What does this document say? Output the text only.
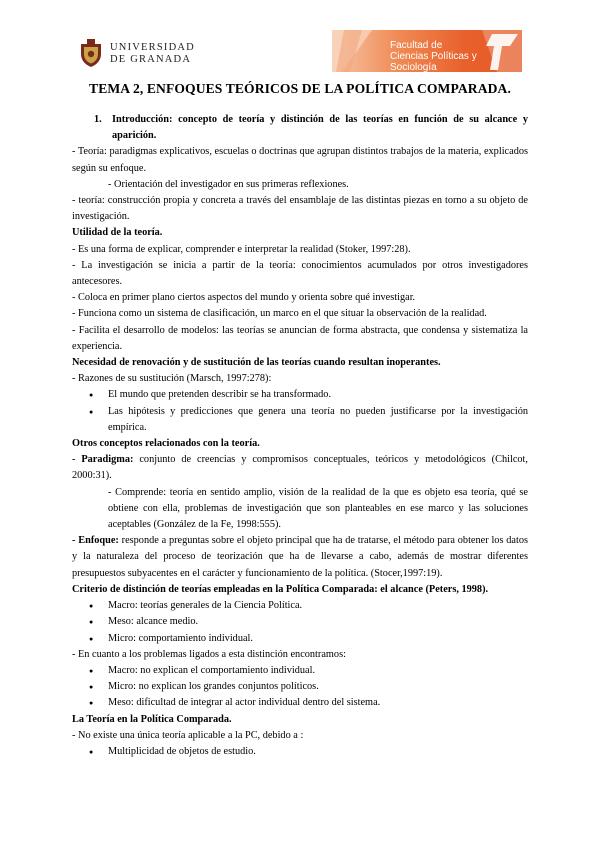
UNIVERSIDAD
DE GRANADA
Facultad de
Ciencias Políticas y Sociología
TEMA 2, ENFOQUES TEÓRICOS DE LA POLÍTICA COMPARADA.

1. Introducción: concepto de teoría y distinción de las teorías en función de su alcance y aparición.

- Teoría: paradigmas explicativos, escuelas o doctrinas que agrupan distintos trabajos de la materia, explicados según su enfoque.

- Orientación del investigador en sus primeras reflexiones.

- teoría: construcción propia y concreta a través del ensamblaje de las distintas piezas en torno a su objeto de investigación.

Utilidad de la teoría.

- Es una forma de explicar, comprender e interpretar la realidad (Stoker, 1997:28).

- La investigación se inicia a partir de la teoría: conocimientos acumulados por otros investigadores antecesores.

- Coloca en primer plano ciertos aspectos del mundo y orienta sobre qué investigar.

- Funciona como un sistema de clasificación, un marco en el que situar la observación de la realidad.

- Facilita el desarrollo de modelos: las teorías se anuncian de forma abstracta, que condensa y sistematiza la experiencia.

Necesidad de renovación y de sustitución de las teorías cuando resultan inoperantes.

- Razones de su sustitución (Marsch, 1997:278):

● El mundo que pretenden describir se ha transformado.

● Las hipótesis y predicciones que genera una teoría no pueden justificarse por la investigación empírica.

Otros conceptos relacionados con la teoría.

- Paradigma: conjunto de creencias y compromisos conceptuales, teóricos y metodológicos (Chilcot, 2000:31).

- Comprende: teoría en sentido amplio, visión de la realidad de la que es objeto esa teoría, qué se obtiene con ella, problemas de investigación que son planteables en ese marco y las soluciones aceptables (González de la Fe, 1998:555).

- Enfoque: responde a preguntas sobre el objeto principal que ha de tratarse, el método para obtener los datos y la naturaleza del proceso de teorización que ha de llevarse a cabo, además de mostrar diferentes presupuestos subyacentes en el carácter y funcionamiento de la política. (Stocer,1997:19).

Criterio de distinción de teorías empleadas en la Política Comparada: el alcance (Peters, 1998).

● Macro: teorías generales de la Ciencia Política.

● Meso: alcance medio.

● Micro: comportamiento individual.

- En cuanto a los problemas ligados a esta distinción encontramos:

● Macro: no explican el comportamiento individual.

● Micro: no explican los grandes conjuntos políticos.

● Meso: dificultad de integrar al actor individual dentro del sistema.

La Teoría en la Política Comparada.

- No existe una única teoría aplicable a la PC, debido a :

● Multiplicidad de objetos de estudio.
